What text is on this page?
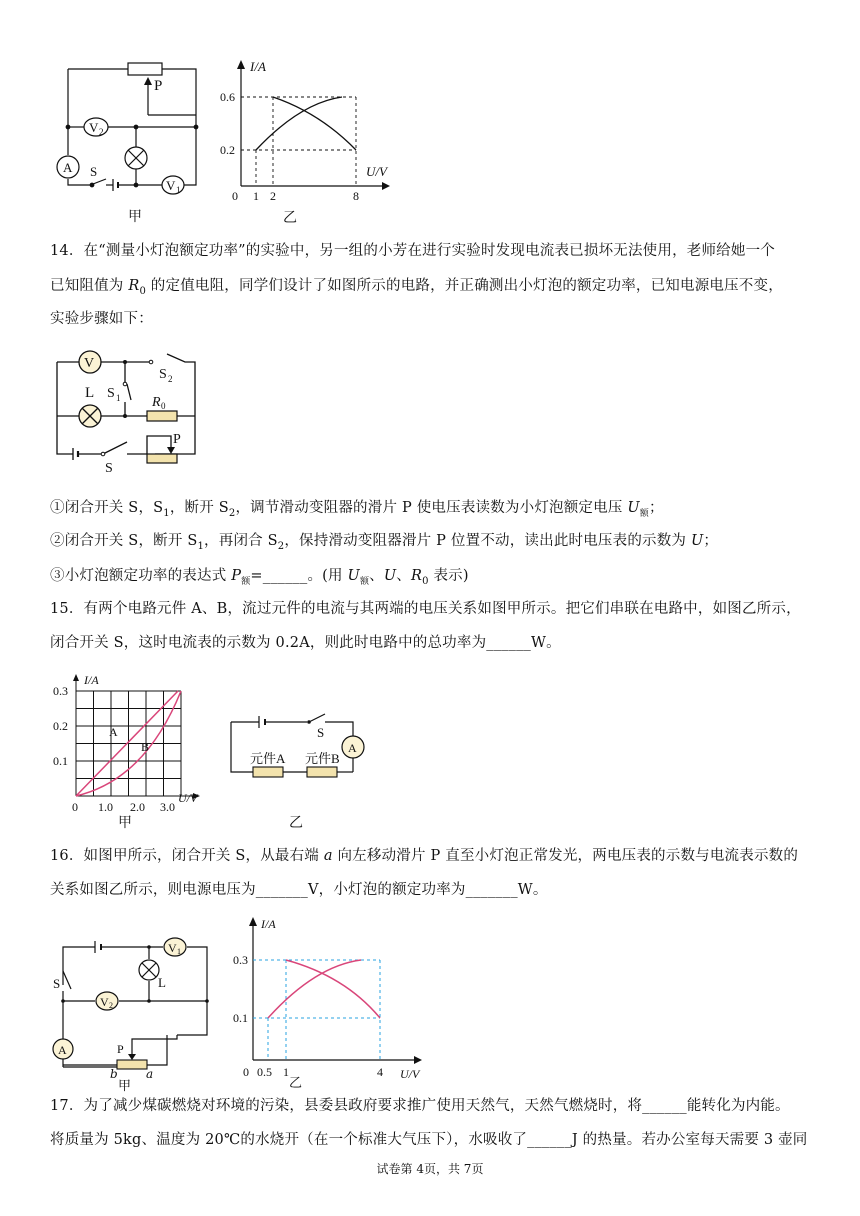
V 2
A
V 1
P
S
甲
I/A
U/V
0.6
0.2
0 1 2	8
乙
14．在“测量小灯泡额定功率”的实验中，另一组的小芳在进行实验时发现电流表已损坏无法使用，老师给她一个
已知阻值为 $R_0$ 的定值电阻，同学们设计了如图所示的电路，并正确测出小灯泡的额定功率，已知电源电压不变，
实验步骤如下：
V
L S 1
S 2
R 0
P
S
①闭合开关 S，$S_1$，断开 $S_2$，调节滑动变阻器的滑片 P 使电压表读数为小灯泡额定电压 $U_额$；
②闭合开关 S，断开 $S_1$，再闭合 $S_2$，保持滑动变阻器滑片 P 位置不动，读出此时电压表的示数为 U；
③小灯泡额定功率的表达式 $P_额=\_\_\_\_\_\_$。(用 $U_额$、U、$R_0$ 表示)
15．有两个电路元件 A、B，流过元件的电流与其两端的电压关系如图甲所示。把它们串联在电路中，如图乙所示，
闭合开关 S，这时电流表的示数为 0.2A，则此时电路中的总功率为______W。
I/A
U/V
0.3
0.2
0.1
0 1.0 2.0 3.0
A
B
甲
A
S
元件A 元件B
乙
16．如图甲所示，闭合开关 S，从最右端 a 向左移动滑片 P 直至小灯泡正常发光，两电压表的示数与电流表示数的
关系如图乙所示，则电源电压为_______V，小灯泡的额定功率为_______W。
V 1
V 2
A
S	L
P
b a
甲
I/A
U/V
0.3
0.1
0 0.5 1	4
乙
17．为了减少煤碳燃烧对环境的污染，县委县政府要求推广使用天然气，天然气燃烧时，将______能转化为内能。
将质量为 5kg、温度为 20℃的水烧开（在一个标准大气压下），水吸收了______J 的热量。若办公室每天需要 3 壶同
试卷第 4页，共 7页
